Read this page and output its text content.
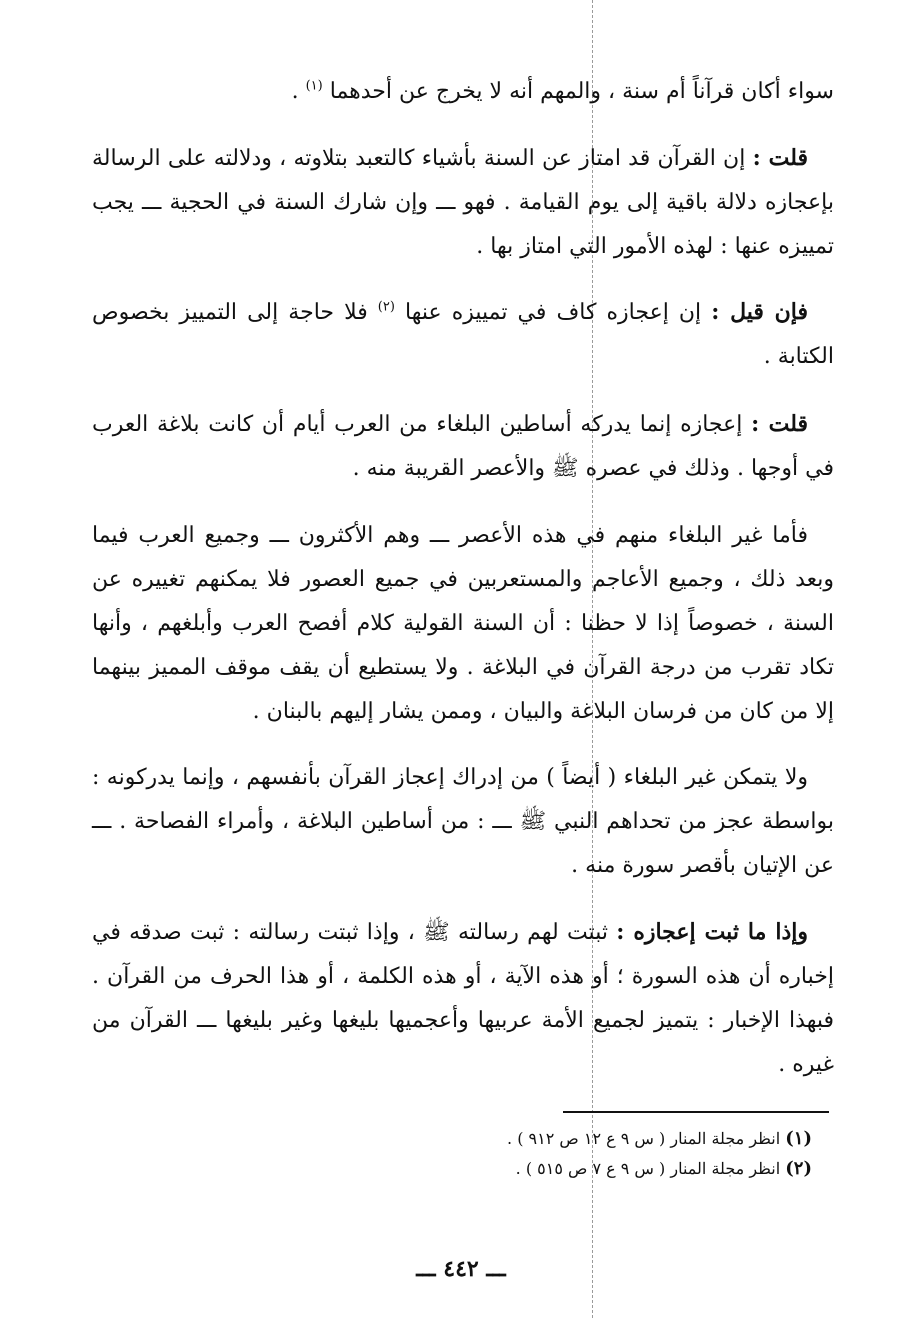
سواء أكان قرآناً أم سنة ، والمهم أنه لا يخرج عن أحدهما $^{(١)}$ .

قلت : إن القرآن قد امتاز عن السنة بأشياء كالتعبد بتلاوته ، ودلالته على الرسالة بإعجازه دلالة باقية إلى يوم القيامة . فهو ـــ وإن شارك السنة في الحجية ـــ يجب تمييزه عنها : لهذه الأمور التي امتاز بها .

فإن قيل : إن إعجازه كاف في تمييزه عنها $^{(٢)}$ فلا حاجة إلى التمييز بخصوص الكتابة .

قلت : إعجازه إنما يدركه أساطين البلغاء من العرب أيام أن كانت بلاغة العرب في أوجها . وذلك في عصره ﷺ والأعصر القريبة منه .

فأما غير البلغاء منهم في هذه الأعصر ـــ وهم الأكثرون ـــ وجميع العرب فيما وبعد ذلك ، وجميع الأعاجم والمستعربين في جميع العصور فلا يمكنهم تغييره عن السنة ، خصوصاً إذا لا حظنا : أن السنة القولية كلام أفصح العرب وأبلغهم ، وأنها تكاد تقرب من درجة القرآن في البلاغة . ولا يستطيع أن يقف موقف المميز بينهما إلا من كان من فرسان البلاغة والبيان ، وممن يشار إليهم بالبنان .

ولا يتمكن غير البلغاء ( أيضاً ) من إدراك إعجاز القرآن بأنفسهم ، وإنما يدركونه : بواسطة عجز من تحداهم النبي ﷺ ـــ : من أساطين البلاغة ، وأمراء الفصاحة . ـــ عن الإتيان بأقصر سورة منه .

وإذا ما ثبت إعجازه : ثبتت لهم رسالته ﷺ ، وإذا ثبتت رسالته : ثبت صدقه في إخباره أن هذه السورة ؛ أو هذه الآية ، أو هذه الكلمة ، أو هذا الحرف من القرآن . فبهذا الإخبار : يتميز لجميع الأمة عربيها وأعجميها بليغها وغير بليغها ـــ القرآن من غيره .

(١) انظر مجلة المنار ( س ٩ ع ١٢ ص ٩١٢ ) .
(٢) انظر مجلة المنار ( س ٩ ع ٧ ص ٥١٥ ) .
ـــ ٤٤٢ ـــ
